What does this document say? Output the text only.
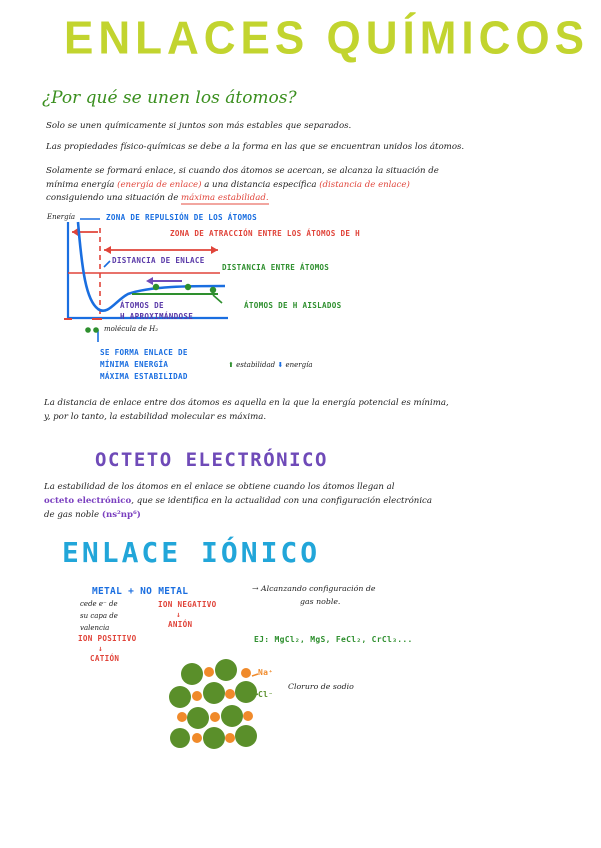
ENLACES QUÍMICOS
¿Por qué se unen los átomos?
Solo se unen químicamente si juntos son más estables que separados.
Las propiedades físico-químicas se debe a la forma en las que se encuentran unidos los átomos.
Solamente se formará enlace, si cuando dos átomos se acercan, se alcanza la situación de
mínima energía (energía de enlace) a una distancia específica (distancia de enlace)
consiguiendo una situación de máxima estabilidad.
Energía	ZONA DE REPULSIÓN DE LOS ÁTOMOS
ZONA DE ATRACCIÓN ENTRE LOS ÁTOMOS DE H
DISTANCIA DE ENLACE
DISTANCIA ENTRE ÁTOMOS
ÁTOMOS DE
H APROXIMÁNDOSE
ÁTOMOS DE H AISLADOS
molécula de H₂
SE FORMA ENLACE DE
MÍNIMA ENERGÍA
MÁXIMA ESTABILIDAD
⬆ estabilidad ⬇ energía
La distancia de enlace entre dos átomos es aquella en la que la energía potencial es mínima,
y, por lo tanto, la estabilidad molecular es máxima.
OCTETO ELECTRÓNICO
La estabilidad de los átomos en el enlace se obtiene cuando los átomos llegan al
octeto electrónico, que se identifica en la actualidad con una configuración electrónica
de gas noble (ns²np⁶)
ENLACE IÓNICO
METAL + NO METAL	→ Alcanzando configuración de
gas noble.
cede e⁻ de
su capa de
valencia
ION POSITIVO
↓
CATIÓN
ION NEGATIVO
↓
ANIÓN
EJ: MgCl₂, MgS, FeCl₂, CrCl₃...
Na⁺
Cl⁻
Cloruro de sodio
